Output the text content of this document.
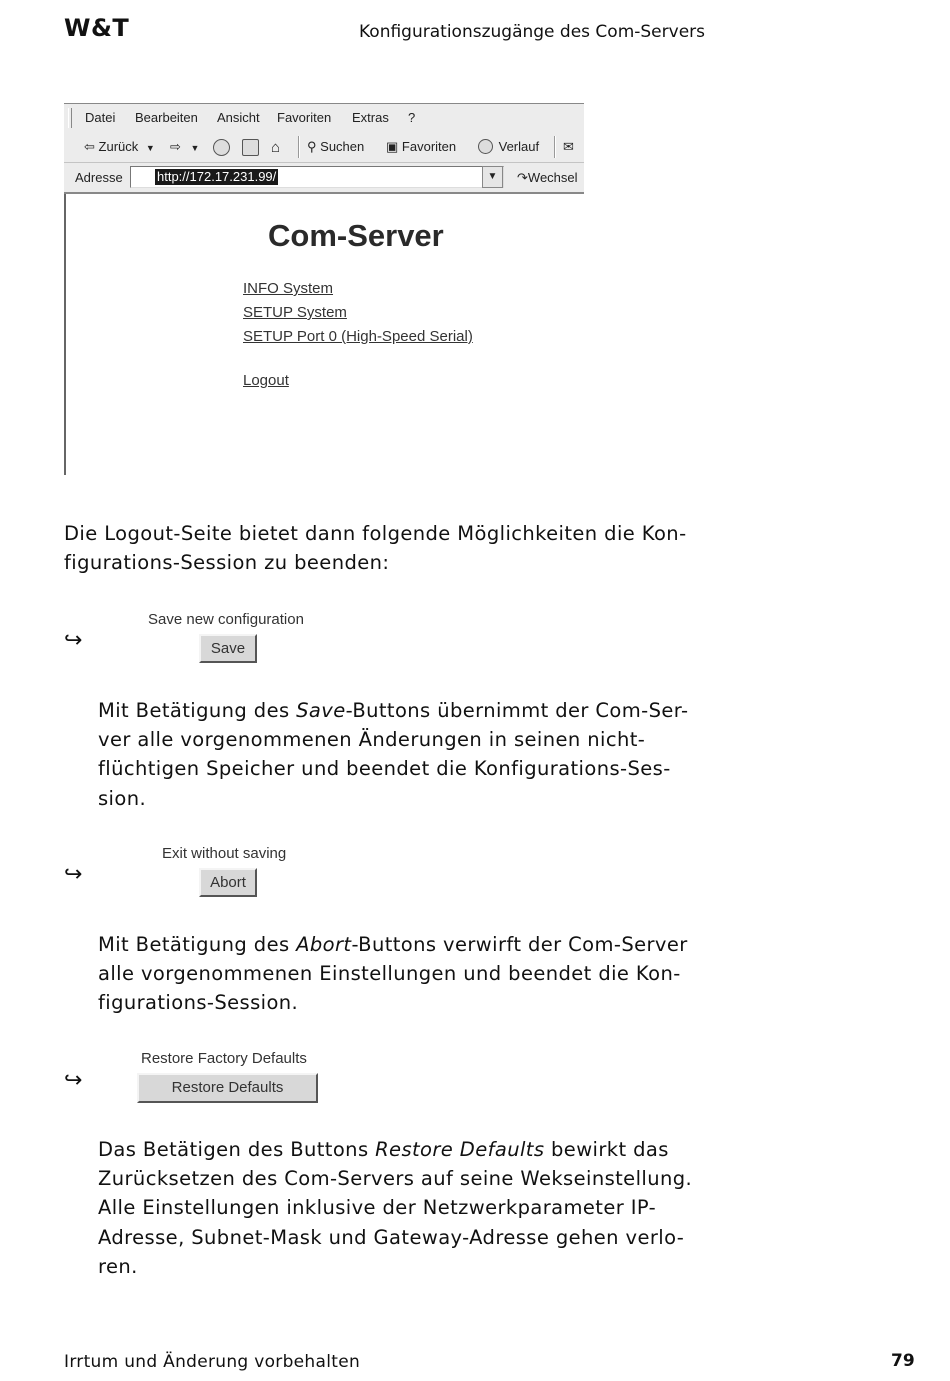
W&T	Konfigurationszugänge des Com-Servers
Datei Bearbeiten Ansicht Favoriten Extras ?
⇦ Zurück ▼ ⇨ ▼	⌂ ⚲ Suchen ▣ Favoriten	Verlauf ✉
Adresse	http://172.17.231.99/	▼	↷Wechsel
Com-Server
INFO System
SETUP System
SETUP Port 0 (High-Speed Serial)
Logout
Die Logout-Seite bietet dann folgende Möglichkeiten die Kon-
figurations-Session zu beenden:
↪
Save new configuration
Save
Mit Betätigung des Save-Buttons übernimmt der Com-Ser-
ver alle vorgenommenen Änderungen in seinen nicht-
flüchtigen Speicher und beendet die Konfigurations-Ses-
sion.
↪
Exit without saving
Abort
Mit Betätigung des Abort-Buttons verwirft der Com-Server
alle vorgenommenen Einstellungen und beendet die Kon-
figurations-Session.
↪
Restore Factory Defaults
Restore Defaults
Das Betätigen des Buttons Restore Defaults bewirkt das
Zurücksetzen des Com-Servers auf seine Wekseinstellung.
Alle Einstellungen inklusive der Netzwerkparameter IP-
Adresse, Subnet-Mask und Gateway-Adresse gehen verlo-
ren.
Irrtum und Änderung vorbehalten	79
